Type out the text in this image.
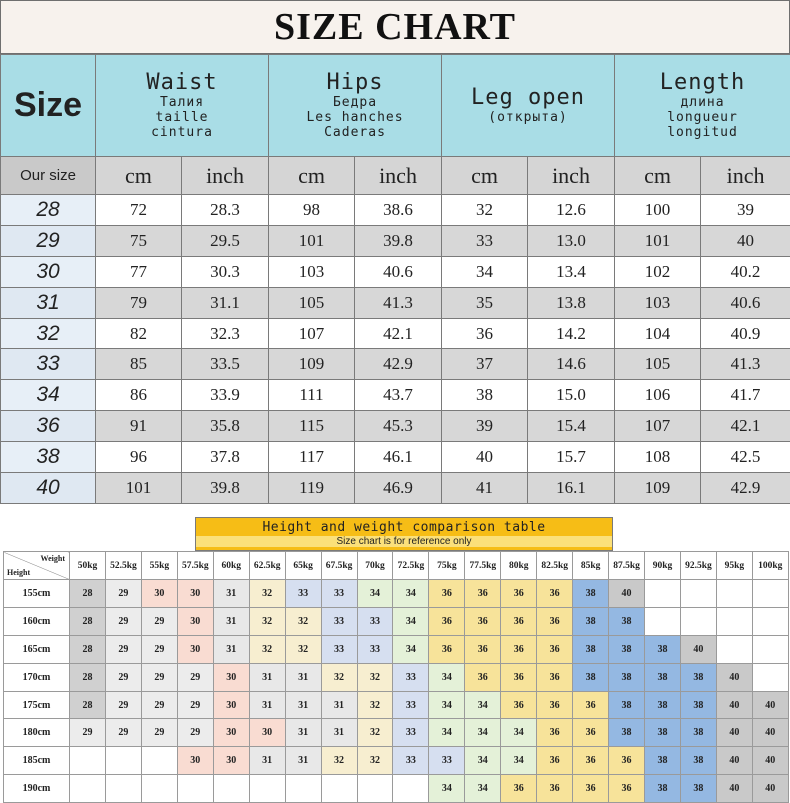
SIZE CHART
Size	Waist
Талия
taille
cintura		Hips
Бедра
Les hanches
Caderas		Leg open
(открыта)		Length
длина
longueur
longitud	

Our size	cm	inch	cm	inch	cm	inch	cm	inch
28	72	28.3	98	38.6	32	12.6	100	39
29	75	29.5	101	39.8	33	13.0	101	40
30	77	30.3	103	40.6	34	13.4	102	40.2
31	79	31.1	105	41.3	35	13.8	103	40.6
32	82	32.3	107	42.1	36	14.2	104	40.9
33	85	33.5	109	42.9	37	14.6	105	41.3
34	86	33.9	111	43.7	38	15.0	106	41.7
36	91	35.8	115	45.3	39	15.4	107	42.1
38	96	37.8	117	46.1	40	15.7	108	42.5
40	101	39.8	119	46.9	41	16.1	109	42.9
Height and weight comparison table
Size chart is for reference only
Weight
Height	50kg	52.5kg	55kg	57.5kg	60kg	62.5kg	65kg	67.5kg	70kg	72.5kg	75kg	77.5kg	80kg	82.5kg	85kg	87.5kg	90kg	92.5kg	95kg	100kg
155cm	28	29	30	30	31	32	33	33	34	34	36	36	36	36	38	40				
160cm	28	29	29	30	31	32	32	33	33	34	36	36	36	36	38	38				
165cm	28	29	29	30	31	32	32	33	33	34	36	36	36	36	38	38	38	40		
170cm	28	29	29	29	30	31	31	32	32	33	34	36	36	36	38	38	38	38	40	
175cm	28	29	29	29	30	31	31	31	32	33	34	34	36	36	36	38	38	38	40	40
180cm	29	29	29	29	30	30	31	31	32	33	34	34	34	36	36	38	38	38	40	40
185cm				30	30	31	31	32	32	33	33	34	34	36	36	36	38	38	40	40
190cm											34	34	36	36	36	36	38	38	40	40
